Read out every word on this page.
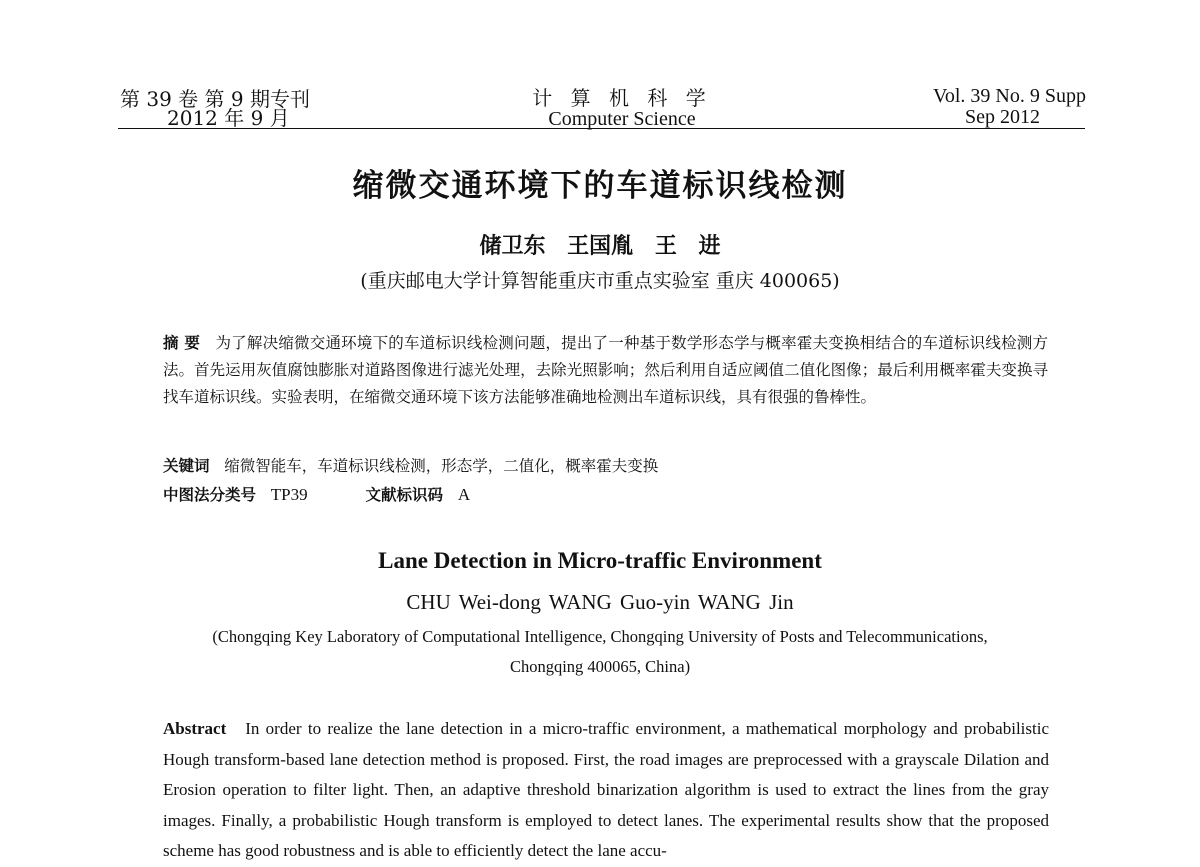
第 39 卷 第 9 期专刊
2012 年 9 月
计 算 机 科 学
Computer Science
Vol. 39 No. 9 Supp
Sep 2012
缩微交通环境下的车道标识线检测
储卫东 王国胤 王 进
(重庆邮电大学计算智能重庆市重点实验室 重庆 400065)
摘 要 为了解决缩微交通环境下的车道标识线检测问题，提出了一种基于数学形态学与概率霍夫变换相结合的车道标识线检测方法。首先运用灰值腐蚀膨胀对道路图像进行滤光处理，去除光照影响；然后利用自适应阈值二值化图像；最后利用概率霍夫变换寻找车道标识线。实验表明，在缩微交通环境下该方法能够准确地检测出车道标识线，具有很强的鲁棒性。
关键词 缩微智能车，车道标识线检测，形态学，二值化，概率霍夫变换
中图法分类号 TP39	文献标识码 A
Lane Detection in Micro-traffic Environment
CHU Wei-dong WANG Guo-yin WANG Jin
(Chongqing Key Laboratory of Computational Intelligence, Chongqing University of Posts and Telecommunications,
Chongqing 400065, China)
Abstract In order to realize the lane detection in a micro-traffic environment, a mathematical morphology and probabilistic Hough transform-based lane detection method is proposed. First, the road images are preprocessed with a grayscale Dilation and Erosion operation to filter light. Then, an adaptive threshold binarization algorithm is used to extract the lines from the gray images. Finally, a probabilistic Hough transform is employed to detect lanes. The experimental results show that the proposed scheme has good robustness and is able to efficiently detect the lane accu-
